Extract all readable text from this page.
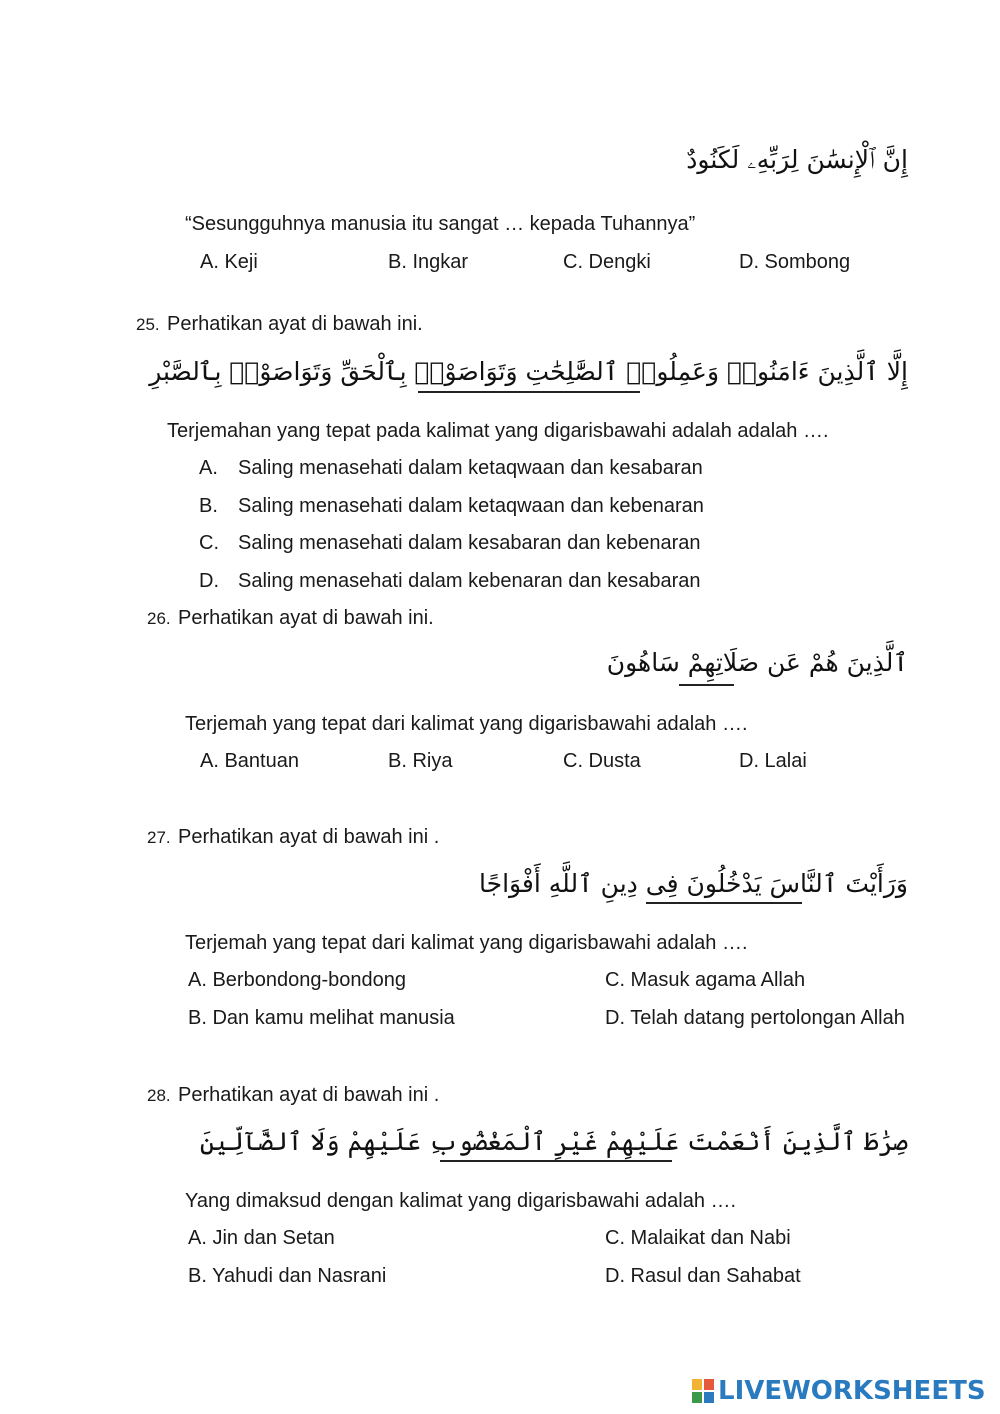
إِنَّ ٱلْإِنسَٰنَ لِرَبِّهِۦ لَكَنُودٌ
“Sesungguhnya manusia itu sangat … kepada Tuhannya”
A. Keji	B. Ingkar	C. Dengki	D. Sombong
25. Perhatikan ayat di bawah ini.
إِلَّا ٱلَّذِينَ ءَامَنُوا۟ وَعَمِلُوا۟ ٱلصَّٰلِحَٰتِ وَتَوَاصَوْا۟ بِٱلْحَقِّ وَتَوَاصَوْا۟ بِٱلصَّبْرِ
Terjemahan yang tepat pada kalimat yang digarisbawahi adalah adalah ….
A. Saling menasehati dalam ketaqwaan dan kesabaran
B. Saling menasehati dalam ketaqwaan dan kebenaran
C. Saling menasehati dalam kesabaran dan kebenaran
D. Saling menasehati dalam kebenaran dan kesabaran
26. Perhatikan ayat di bawah ini.
ٱلَّذِينَ هُمْ عَن صَلَاتِهِمْ سَاهُونَ
Terjemah yang tepat dari kalimat yang digarisbawahi adalah ….
A. Bantuan	B. Riya	C. Dusta	D. Lalai
27. Perhatikan ayat di bawah ini .
وَرَأَيْتَ ٱلنَّاسَ يَدْخُلُونَ فِى دِينِ ٱللَّهِ أَفْوَاجًا
Terjemah yang tepat dari kalimat yang digarisbawahi adalah ….
A. Berbondong-bondong	C. Masuk agama Allah
B. Dan kamu melihat manusia	D. Telah datang pertolongan Allah
28. Perhatikan ayat di bawah ini .
صِرَٰطَ ٱلَّذِينَ أَنْعَمْتَ عَلَيْهِمْ غَيْرِ ٱلْمَغْضُوبِ عَلَيْهِمْ وَلَا ٱلضَّآلِّينَ
Yang dimaksud dengan kalimat yang digarisbawahi adalah ….
A. Jin dan Setan	C. Malaikat dan Nabi
B. Yahudi dan Nasrani	D. Rasul dan Sahabat
LIVEWORKSHEETS
